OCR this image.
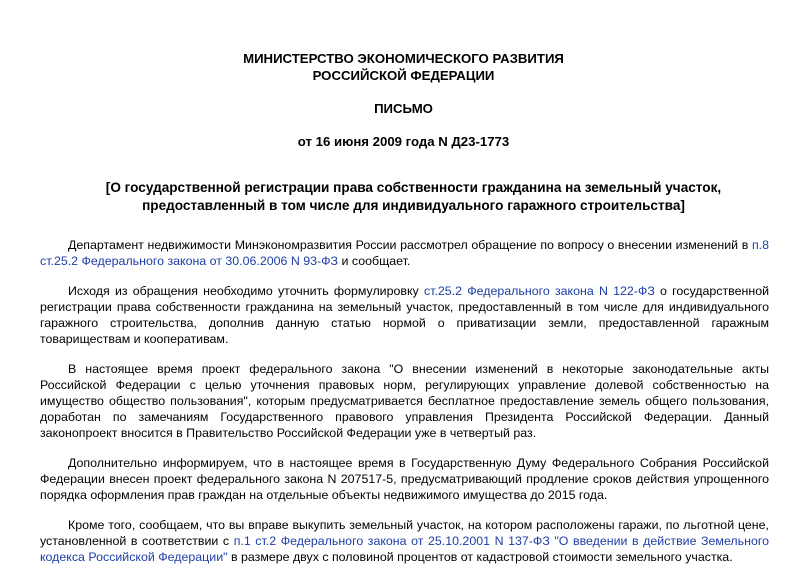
МИНИСТЕРСТВО ЭКОНОМИЧЕСКОГО РАЗВИТИЯ
РОССИЙСКОЙ ФЕДЕРАЦИИ
ПИСЬМО
от 16 июня 2009 года N Д23-1773
[О государственной регистрации права собственности гражданина на земельный участок, предоставленный в том числе для индивидуального гаражного строительства]

Департамент недвижимости Минэкономразвития России рассмотрел обращение по вопросу о внесении изменений в п.8 ст.25.2 Федерального закона от 30.06.2006 N 93-ФЗ и сообщает.

Исходя из обращения необходимо уточнить формулировку ст.25.2 Федерального закона N 122-ФЗ о государственной регистрации права собственности гражданина на земельный участок, предоставленный в том числе для индивидуального гаражного строительства, дополнив данную статью нормой о приватизации земли, предоставленной гаражным товариществам и кооперативам.

В настоящее время проект федерального закона "О внесении изменений в некоторые законодательные акты Российской Федерации с целью уточнения правовых норм, регулирующих управление долевой собственностью на имущество общество пользования", которым предусматривается бесплатное предоставление земель общего пользования, доработан по замечаниям Государственного правового управления Президента Российской Федерации. Данный законопроект вносится в Правительство Российской Федерации уже в четвертый раз.

Дополнительно информируем, что в настоящее время в Государственную Думу Федерального Собрания Российской Федерации внесен проект федерального закона N 207517-5, предусматривающий продление сроков действия упрощенного порядка оформления прав граждан на отдельные объекты недвижимого имущества до 2015 года.

Кроме того, сообщаем, что вы вправе выкупить земельный участок, на котором расположены гаражи, по льготной цене, установленной в соответствии с п.1 ст.2 Федерального закона от 25.10.2001 N 137-ФЗ "О введении в действие Земельного кодекса Российской Федерации" в размере двух с половиной процентов от кадастровой стоимости земельного участка.
